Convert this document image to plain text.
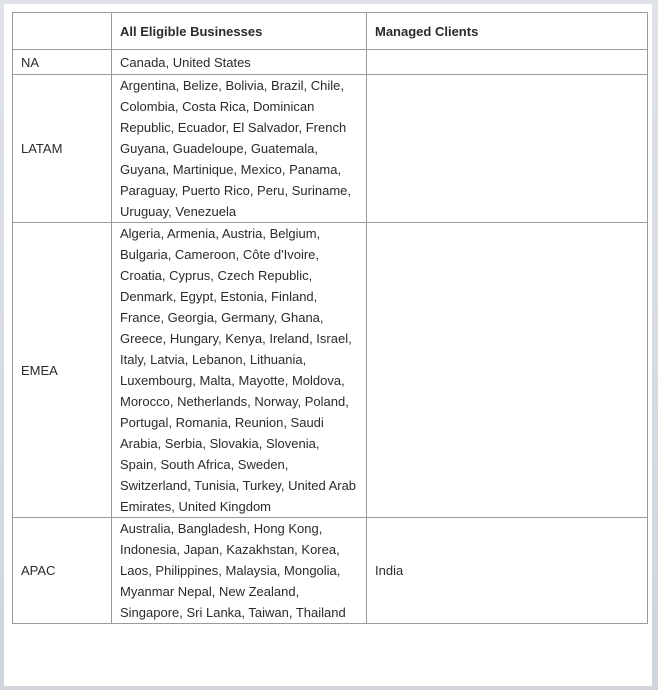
	All Eligible Businesses	Managed Clients
NA	Canada, United States	
LATAM	Argentina, Belize, Bolivia, Brazil, Chile, Colombia, Costa Rica, Dominican Republic, Ecuador, El Salvador, French Guyana, Guadeloupe, Guatemala, Guyana, Martinique, Mexico, Panama, Paraguay, Puerto Rico, Peru, Suriname, Uruguay, Venezuela	
EMEA	Algeria, Armenia, Austria, Belgium, Bulgaria, Cameroon, Côte d'Ivoire, Croatia, Cyprus, Czech Republic, Denmark, Egypt, Estonia, Finland, France, Georgia, Germany, Ghana, Greece, Hungary, Kenya, Ireland, Israel, Italy, Latvia, Lebanon, Lithuania, Luxembourg, Malta, Mayotte, Moldova, Morocco, Netherlands, Norway, Poland, Portugal, Romania, Reunion, Saudi Arabia, Serbia, Slovakia, Slovenia, Spain, South Africa, Sweden, Switzerland, Tunisia, Turkey, United Arab Emirates, United Kingdom	
APAC	Australia, Bangladesh, Hong Kong, Indonesia, Japan, Kazakhstan, Korea, Laos, Philippines, Malaysia, Mongolia, Myanmar Nepal, New Zealand, Singapore, Sri Lanka, Taiwan, Thailand	India
